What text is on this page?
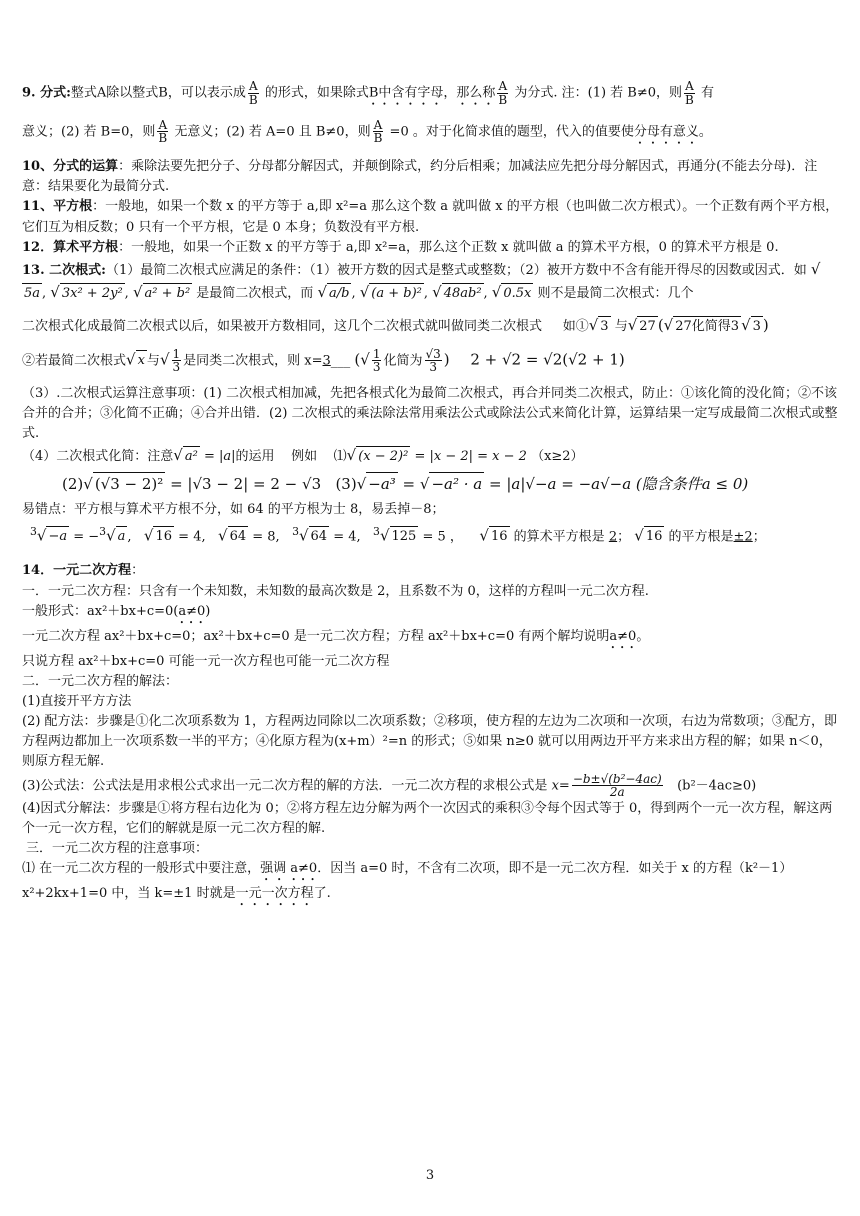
9. 分式:整式A除以整式B，可以表示成 $\frac{A}{B}$ 的形式，如果除式B中含有字母，那么称 $\frac{A}{B}$ 为分式. 注：(1) 若 B≠0，则 $\frac{A}{B}$ 有

意义；(2) 若 B=0，则 $\frac{A}{B}$ 无意义；(2) 若 A=0 且 B≠0，则 $\frac{A}{B} =0$ 。对于化简求值的题型，代入的值要使分母有意义。

10、分式的运算：乘除法要先把分子、分母都分解因式，并颠倒除式，约分后相乘；加减法应先把分母分解因式，再通分(不能去分母)．注意：结果要化为最简分式.

11、平方根：一般地，如果一个数 x 的平方等于 a,即 x²=a 那么这个数 a 就叫做 x 的平方根（也叫做二次方根式）。一个正数有两个平方根，它们互为相反数；0 只有一个平方根，它是 0 本身；负数没有平方根.

12．算术平方根：一般地，如果一个正数 x 的平方等于 a,即 x²=a，那么这个正数 x 就叫做 a 的算术平方根，0 的算术平方根是 0.

13. 二次根式:（1）最简二次根式应满足的条件：（1）被开方数的因式是整式或整数；（2）被开方数中不含有能开得尽的因数或因式．如 √5a , √ 3x² + 2y² , √ a² + b² 是最简二次根式，而 √ a/b , √ (a + b)² , √ 48ab² , √ 0.5x 则不是最简二次根式：几个

二次根式化成最简二次根式以后，如果被开方数相同，这几个二次根式就叫做同类二次根式 如①√ 3 与√ 27 (√ 27化简得3 √ 3 )

②若最简二次根式√ x 与√ $\frac{1}{3}$ 是同类二次根式，则 x=3___ (√ $\frac{1}{3}$ 化简为 $\frac{√3}{3}$ ) 2 + √2 = √2(√2 + 1)

（3）.二次根式运算注意事项：(1) 二次根式相加减，先把各根式化为最简二次根式，再合并同类二次根式，防止：①该化简的没化简；②不该合并的合并；③化简不正确；④合并出错．(2) 二次根式的乘法除法常用乘法公式或除法公式来简化计算，运算结果一定写成最简二次根式或整式.

（4）二次根式化简：注意√ a² = |a|的运用 例如 ⑴√ (x − 2)² = |x − 2| = x − 2 （x≥2）

(2)√ (√3 − 2)² = |√3 − 2| = 2 − √3 (3)√ −a³ = √ −a² · a = |a|√−a = −a√−a (隐含条件a ≤ 0)

易错点：平方根与算术平方根不分，如 64 的平方根为士 8，易丢掉－8；

$^3$√ −a = −$^3$√ a ,   √ 16 = 4,   √ 64 = 8,   $^3$√ 64 = 4,   $^3$√ 125 = 5 ，    √ 16 的算术平方根是 2； √ 16 的平方根是±2；

14．一元二次方程：

一．一元二次方程：只含有一个未知数，未知数的最高次数是 2，且系数不为 0，这样的方程叫一元二次方程.

一般形式：ax²＋bx+c=0(a≠0)

一元二次方程 ax²＋bx+c=0；ax²＋bx+c=0 是一元二次方程；方程 ax²＋bx+c=0 有两个解均说明a≠0。

只说方程 ax²＋bx+c=0 可能一元一次方程也可能一元二次方程

二．一元二次方程的解法：

(1)直接开平方方法

(2) 配方法：步骤是①化二次项系数为 1，方程两边同除以二次项系数；②移项，使方程的左边为二次项和一次项，右边为常数项；③配方，即方程两边都加上一次项系数一半的平方；④化原方程为(x+m）²=n 的形式；⑤如果 n≥0 就可以用两边开平方来求出方程的解；如果 n＜0，则原方程无解.

(3)公式法：公式法是用求根公式求出一元二次方程的解的方法．一元二次方程的求根公式是 $x= \frac{\text{−b±√(b²−4ac)}}{2a} (b^2-4ac\ge 0)$

(4)因式分解法：步骤是①将方程右边化为 0；②将方程左边分解为两个一次因式的乘积③令每个因式等于 0，得到两个一元一次方程，解这两个一元一次方程，它们的解就是原一元二次方程的解.

三．一元二次方程的注意事项：

⑴ 在一元二次方程的一般形式中要注意，强调 a≠0．因当 a=0 时，不含有二次项，即不是一元二次方程．如关于 x 的方程（k²－1）x²+2kx+1=0 中，当 k=±1 时就是一元一次方程了.

3
